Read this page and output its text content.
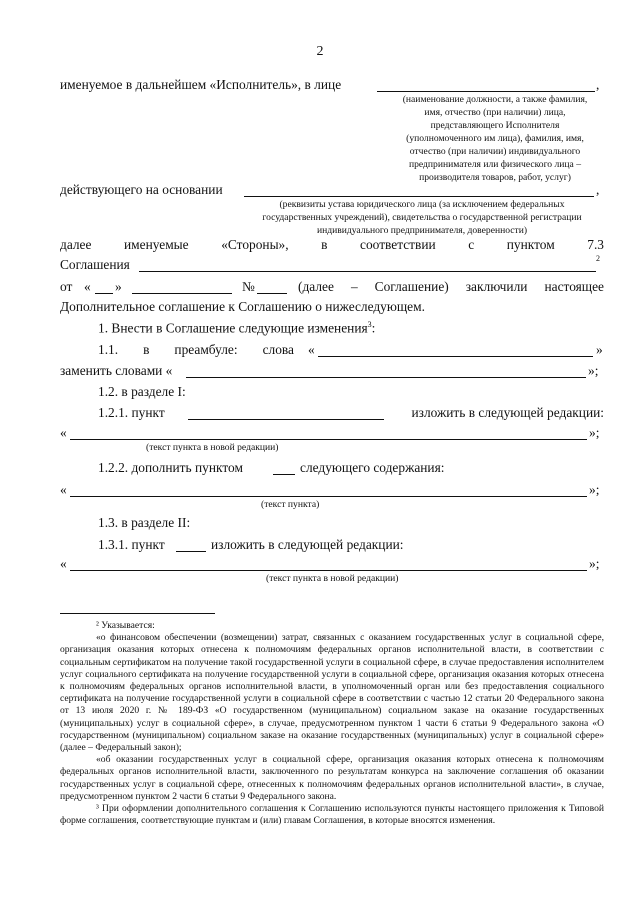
2
именуемое в дальнейшем «Исполнитель», в лице	,
(наименование должности, а также фамилия,
имя, отчество (при наличии) лица,
представляющего Исполнителя
(уполномоченного им лица), фамилия, имя,
отчество (при наличии) индивидуального
предпринимателя или физического лица –
производителя товаров, работ, услуг)
действующего на основании	,
(реквизиты устава юридического лица (за исключением федеральных
государственных учреждений), свидетельства о государственной регистрации
индивидуального предпринимателя, доверенности)
далее именуемые «Стороны», в соответствии с пунктом 7.3
Соглашения	2
от « »	№	(далее – Соглашение) заключили настоящее
Дополнительное соглашение к Соглашению о нижеследующем.
1. Внести в Соглашение следующие изменения$^3$:
1.1. в преамбуле: слова «	»
заменить словами «	»;
1.2. в разделе I:
1.2.1. пункт	изложить в следующей редакции:
«	»;
(текст пункта в новой редакции)
1.2.2. дополнить пунктом	следующего содержания:
«	»;
(текст пункта)
1.3. в разделе II:
1.3.1. пункт	изложить в следующей редакции:
«	»;
(текст пункта в новой редакции)

² Указывается:

«о финансовом обеспечении (возмещении) затрат, связанных с оказанием государственных услуг в социальной сфере, организация оказания которых отнесена к полномочиям федеральных органов исполнительной власти, в соответствии с социальным сертификатом на получение такой государственной услуги в социальной сфере, в случае предоставления исполнителем услуг социального сертификата на получение государственной услуги в социальной сфере, организация оказания которых отнесена к полномочиям федеральных органов исполнительной власти, в уполномоченный орган или без предоставления социального сертификата на получение государственной услуги в социальной сфере в соответствии с частью 12 статьи 20 Федерального закона от 13 июля 2020 г. № 189-ФЗ «О государственном (муниципальном) социальном заказе на оказание государственных (муниципальных) услуг в социальной сфере», в случае, предусмотренном пунктом 1 части 6 статьи 9 Федерального закона «О государственном (муниципальном) социальном заказе на оказание государственных (муниципальных) услуг в социальной сфере» (далее – Федеральный закон);

«об оказании государственных услуг в социальной сфере, организация оказания которых отнесена к полномочиям федеральных органов исполнительной власти, заключенного по результатам конкурса на заключение соглашения об оказании государственных услуг в социальной сфере, отнесенных к полномочиям федеральных органов исполнительной власти», в случае, предусмотренном пунктом 2 части 6 статьи 9 Федерального закона.

³ При оформлении дополнительного соглашения к Соглашению используются пункты настоящего приложения к Типовой форме соглашения, соответствующие пунктам и (или) главам Соглашения, в которые вносятся изменения.
